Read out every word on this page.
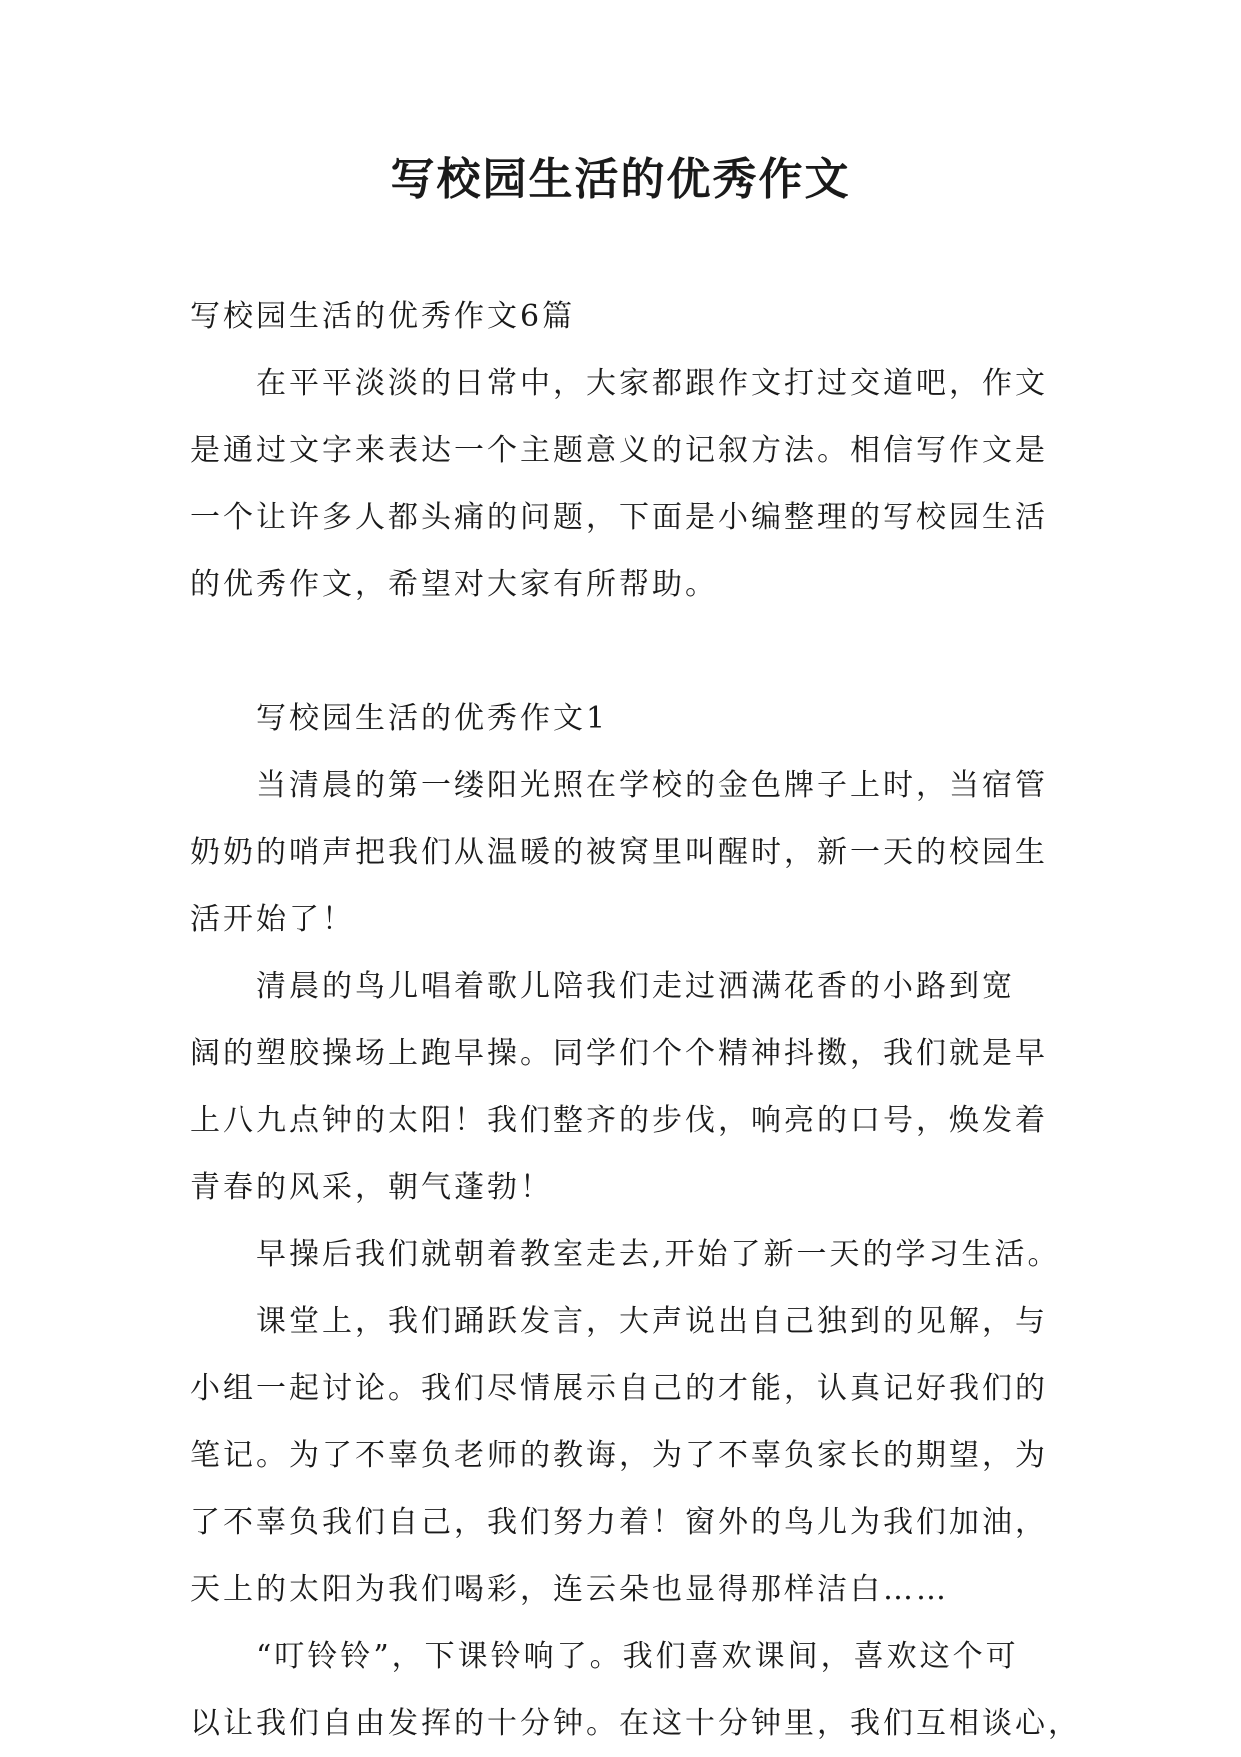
写校园生活的优秀作文
写校园生活的优秀作文6篇
在平平淡淡的日常中，大家都跟作文打过交道吧，作文
是通过文字来表达一个主题意义的记叙方法。相信写作文是
一个让许多人都头痛的问题，下面是小编整理的写校园生活
的优秀作文，希望对大家有所帮助。
写校园生活的优秀作文1
当清晨的第一缕阳光照在学校的金色牌子上时，当宿管
奶奶的哨声把我们从温暖的被窝里叫醒时，新一天的校园生
活开始了！
清晨的鸟儿唱着歌儿陪我们走过洒满花香的小路到宽
阔的塑胶操场上跑早操。同学们个个精神抖擞，我们就是早
上八九点钟的太阳！我们整齐的步伐，响亮的口号，焕发着
青春的风采，朝气蓬勃！
早操后我们就朝着教室走去,开始了新一天的学习生活。
课堂上，我们踊跃发言，大声说出自己独到的见解，与
小组一起讨论。我们尽情展示自己的才能，认真记好我们的
笔记。为了不辜负老师的教诲，为了不辜负家长的期望，为
了不辜负我们自己，我们努力着！窗外的鸟儿为我们加油，
天上的太阳为我们喝彩，连云朵也显得那样洁白……
“叮铃铃”，下课铃响了。我们喜欢课间，喜欢这个可
以让我们自由发挥的十分钟。在这十分钟里，我们互相谈心，
